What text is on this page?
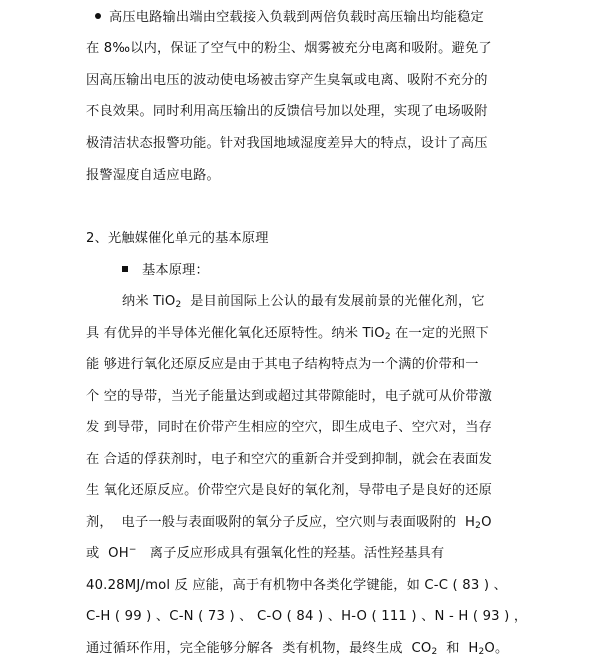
高压电路输出端由空载接入负载到两倍负载时高压输出均能稳定
在 8‰以内，保证了空气中的粉尘、烟雾被充分电离和吸附。避免了
因高压输出电压的波动使电场被击穿产生臭氧或电离、吸附不充分的
不良效果。同时利用高压输出的反馈信号加以处理，实现了电场吸附
极清洁状态报警功能。针对我国地域湿度差异大的特点，设计了高压
报警湿度自适应电路。
2、光触媒催化单元的基本原理
基本原理：
纳米 TiO$_2$  是目前国际上公认的最有发展前景的光催化剂，它
具 有优异的半导体光催化氧化还原特性。纳米 TiO$_2$ 在一定的光照下
能 够进行氧化还原反应是由于其电子结构特点为一个满的价带和一
个 空的导带，当光子能量达到或超过其带隙能时，电子就可从价带激
发 到导带，同时在价带产生相应的空穴，即生成电子、空穴对，当存
在 合适的俘获剂时，电子和空穴的重新合并受到抑制，就会在表面发
生 氧化还原反应。价带空穴是良好的氧化剂，导带电子是良好的还原
剂，  电子一般与表面吸附的氧分子反应，空穴则与表面吸附的  $H_2O$
或  OH−   离子反应形成具有强氧化性的羟基。活性羟基具有
40.28MJ/mol 反 应能，高于有机物中各类化学键能，如 C-C ( 83 ) 、
C-H ( 99 ) 、C-N ( 73 ) 、 C-O ( 84 ) 、H-O ( 111 ) 、N - H ( 93 ) ，
通过循环作用，完全能够分解各  类有机物，最终生成  $CO_2$  和  $H_2O$。
